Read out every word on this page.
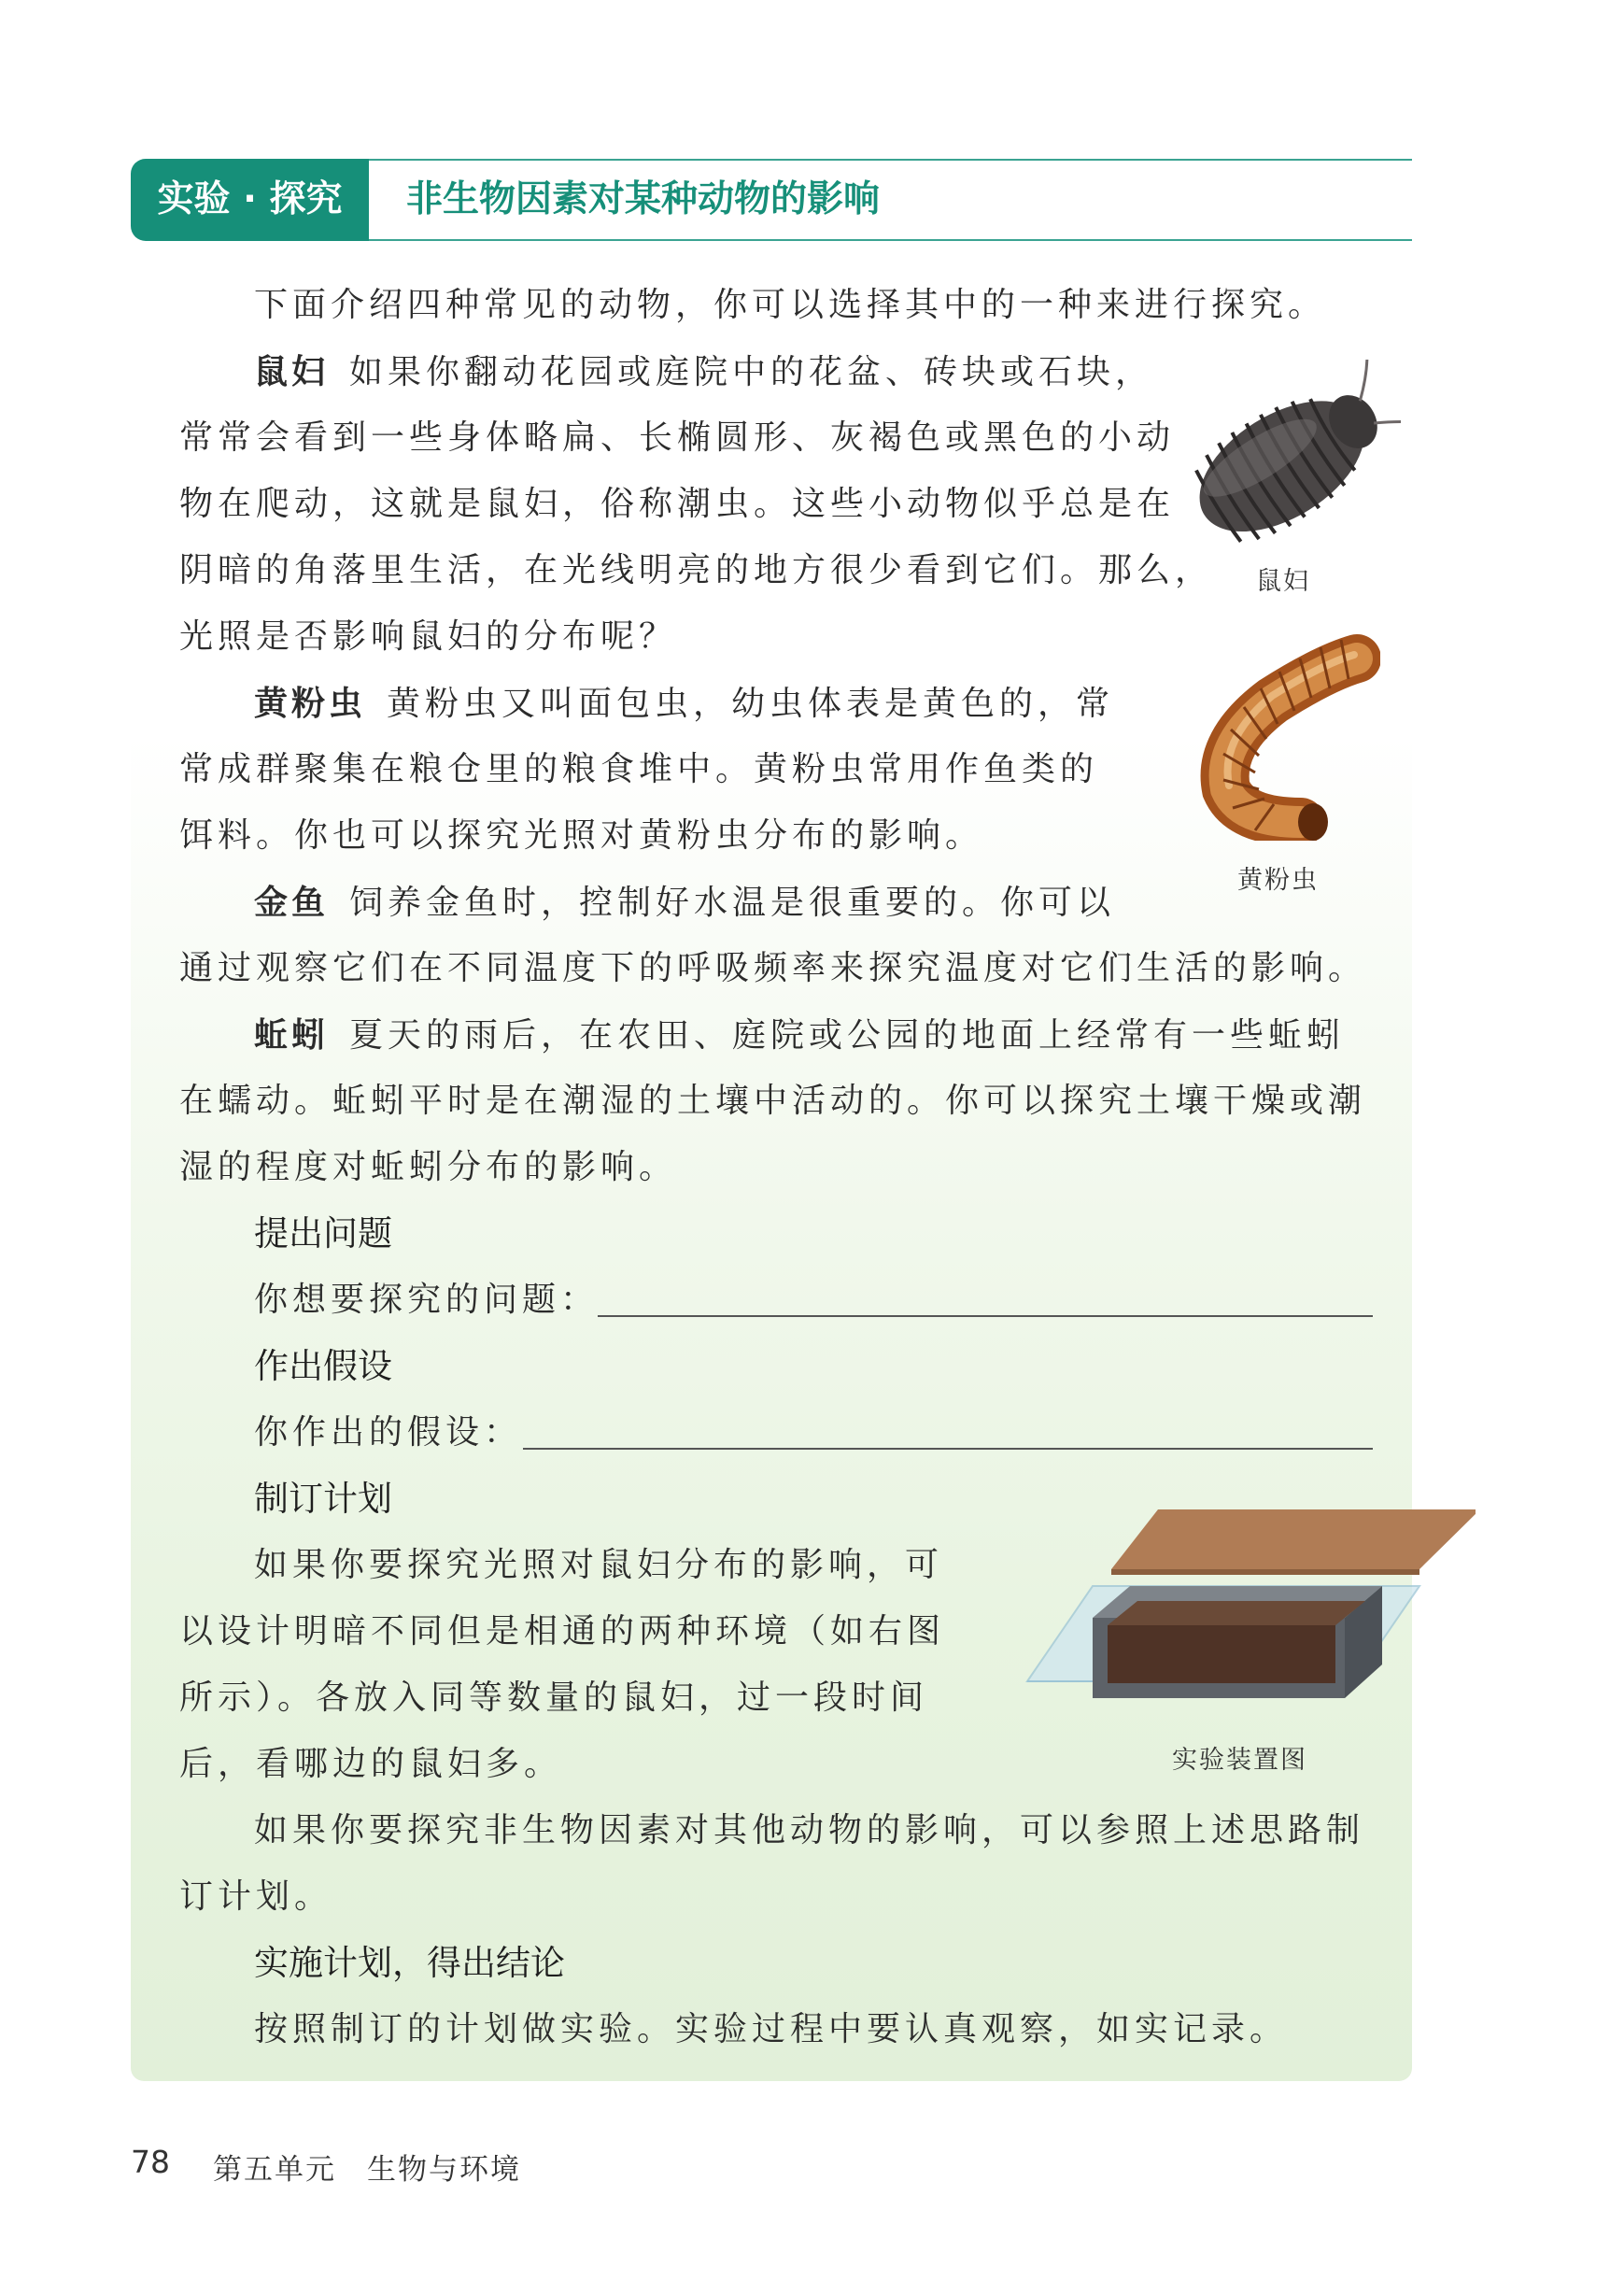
实验 · 探究	非生物因素对某种动物的影响
下面介绍四种常见的动物，你可以选择其中的一种来进行探究。
鼠妇 如果你翻动花园或庭院中的花盆、砖块或石块，
常常会看到一些身体略扁、长椭圆形、灰褐色或黑色的小动
物在爬动，这就是鼠妇，俗称潮虫。这些小动物似乎总是在
阴暗的角落里生活，在光线明亮的地方很少看到它们。那么，
光照是否影响鼠妇的分布呢？
鼠妇
黄粉虫 黄粉虫又叫面包虫，幼虫体表是黄色的，常
常成群聚集在粮仓里的粮食堆中。黄粉虫常用作鱼类的
饵料。你也可以探究光照对黄粉虫分布的影响。
黄粉虫
金鱼 饲养金鱼时，控制好水温是很重要的。你可以
通过观察它们在不同温度下的呼吸频率来探究温度对它们生活的影响。
蚯蚓 夏天的雨后，在农田、庭院或公园的地面上经常有一些蚯蚓
在蠕动。蚯蚓平时是在潮湿的土壤中活动的。你可以探究土壤干燥或潮
湿的程度对蚯蚓分布的影响。
提出问题
你想要探究的问题：
作出假设
你作出的假设：
制订计划
如果你要探究光照对鼠妇分布的影响，可
以设计明暗不同但是相通的两种环境（如右图
所示）。各放入同等数量的鼠妇，过一段时间
后，看哪边的鼠妇多。	实验装置图
如果你要探究非生物因素对其他动物的影响，可以参照上述思路制
订计划。
实施计划，得出结论
按照制订的计划做实验。实验过程中要认真观察，如实记录。
78 第五单元　生物与环境
